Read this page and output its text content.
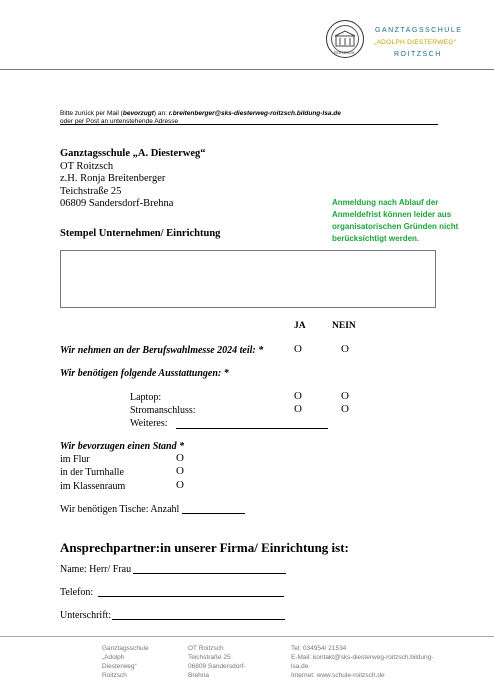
ROITZSCH
GANZTAGSSCHULE
„ADOLPH DIESTERWEG“
ROITZSCH
Bitte zurück per Mail (bevorzugt) an: r.breitenberger@sks-diesterweg-roitzsch.bildung-lsa.de
oder per Post an untenstehende Adresse
Ganztagsschule „A. Diesterweg“
OT Roitzsch
z.H. Ronja Breitenberger
Teichstraße 25
06809 Sandersdorf-Brehna	Anmeldung nach Ablauf der Anmeldefrist können leider aus organisatorischen Gründen nicht berücksichtigt werden.
Stempel Unternehmen/ Einrichtung
JA	NEIN
Wir nehmen an der Berufswahlmesse 2024 teil: *	O	O
Wir benötigen folgende Ausstattungen: *
Laptop:	O	O
Stromanschluss:	O	O
Weiteres:
Wir bevorzugen einen Stand *
im Flur	O
in der Turnhalle	O
im Klassenraum	O
Wir benötigen Tische: Anzahl
Ansprechpartner:in unserer Firma/ Einrichtung ist:
Name: Herr/ Frau
Telefon:
Unterschrift:
Ganztagsschule
„Adolph
Diesterweg“
Roitzsch
OT Roitzsch
Teichstraße 25
06809 Sandersdorf-
Brehna
Tel: 034954/ 21534
E-Mail: kontakt@sks-diesterweg-roitzsch.bildung-
lsa.de
Internet: www.schule-roitzsch.de
